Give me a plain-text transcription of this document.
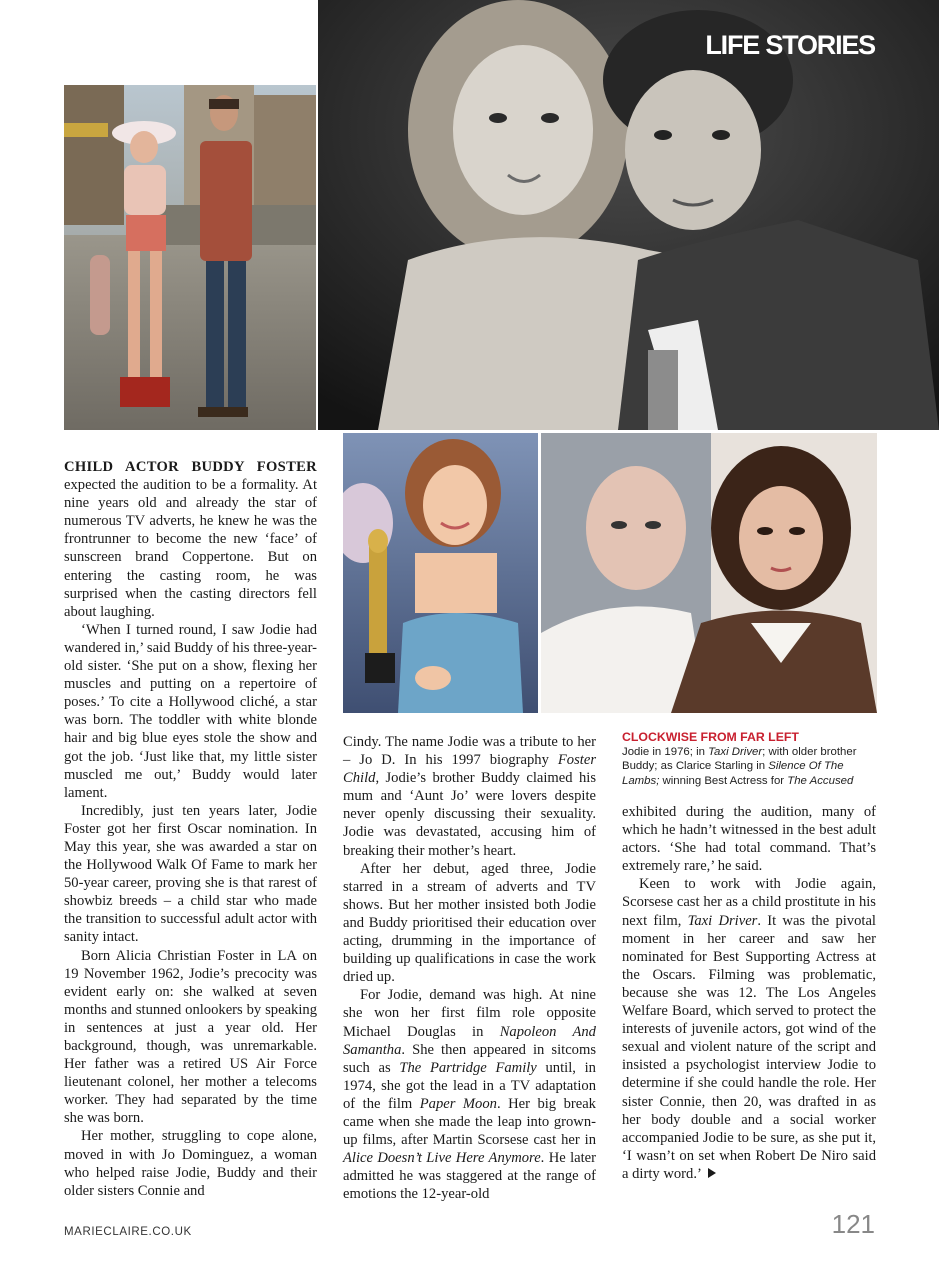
LIFE STORIES

CHILD ACTOR BUDDY FOSTER expected the audition to be a formality. At nine years old and already the star of numerous TV adverts, he knew he was the frontrunner to become the new ‘face’ of sunscreen brand Coppertone. But on entering the casting room, he was surprised when the casting directors fell about laughing.

‘When I turned round, I saw Jodie had wandered in,’ said Buddy of his three-year-old sister. ‘She put on a show, flexing her muscles and putting on a repertoire of poses.’ To cite a Hollywood cliché, a star was born. The toddler with white blonde hair and big blue eyes stole the show and got the job. ‘Just like that, my little sister muscled me out,’ Buddy would later lament.

Incredibly, just ten years later, Jodie Foster got her first Oscar nomination. In May this year, she was awarded a star on the Hollywood Walk Of Fame to mark her 50-year career, proving she is that rarest of showbiz breeds – a child star who made the transition to successful adult actor with sanity intact.

Born Alicia Christian Foster in LA on 19 November 1962, Jodie’s precocity was evident early on: she walked at seven months and stunned onlookers by speaking in sentences at just a year old. Her background, though, was unremarkable. Her father was a retired US Air Force lieutenant colonel, her mother a telecoms worker. They had separated by the time she was born.

Her mother, struggling to cope alone, moved in with Jo Dominguez, a woman who helped raise Jodie, Buddy and their older sisters Connie and

Cindy. The name Jodie was a tribute to her – Jo D. In his 1997 biography Foster Child, Jodie’s brother Buddy claimed his mum and ‘Aunt Jo’ were lovers despite never openly discussing their sexuality. Jodie was devastated, accusing him of breaking their mother’s heart.

After her debut, aged three, Jodie starred in a stream of adverts and TV shows. But her mother insisted both Jodie and Buddy prioritised their education over acting, drumming in the importance of building up qualifications in case the work dried up.

For Jodie, demand was high. At nine she won her first film role opposite Michael Douglas in Napoleon And Samantha. She then appeared in sitcoms such as The Partridge Family until, in 1974, she got the lead in a TV adaptation of the film Paper Moon. Her big break came when she made the leap into grown-up films, after Martin Scorsese cast her in Alice Doesn’t Live Here Anymore. He later admitted he was staggered at the range of emotions the 12-year-old

CLOCKWISE FROM FAR LEFT
Jodie in 1976; in Taxi Driver; with older brother Buddy; as Clarice Starling in Silence Of The Lambs; winning Best Actress for The Accused

exhibited during the audition, many of which he hadn’t witnessed in the best adult actors. ‘She had total command. That’s extremely rare,’ he said.

Keen to work with Jodie again, Scorsese cast her as a child prostitute in his next film, Taxi Driver. It was the pivotal moment in her career and saw her nominated for Best Supporting Actress at the Oscars. Filming was problematic, because she was 12. The Los Angeles Welfare Board, which served to protect the interests of juvenile actors, got wind of the sexual and violent nature of the script and insisted a psychologist interview Jodie to determine if she could handle the role. Her sister Connie, then 20, was drafted in as her body double and a social worker accompanied Jodie to be sure, as she put it, ‘I wasn’t on set when Robert De Niro said a dirty word.’

MARIECLAIRE.CO.UK	121
